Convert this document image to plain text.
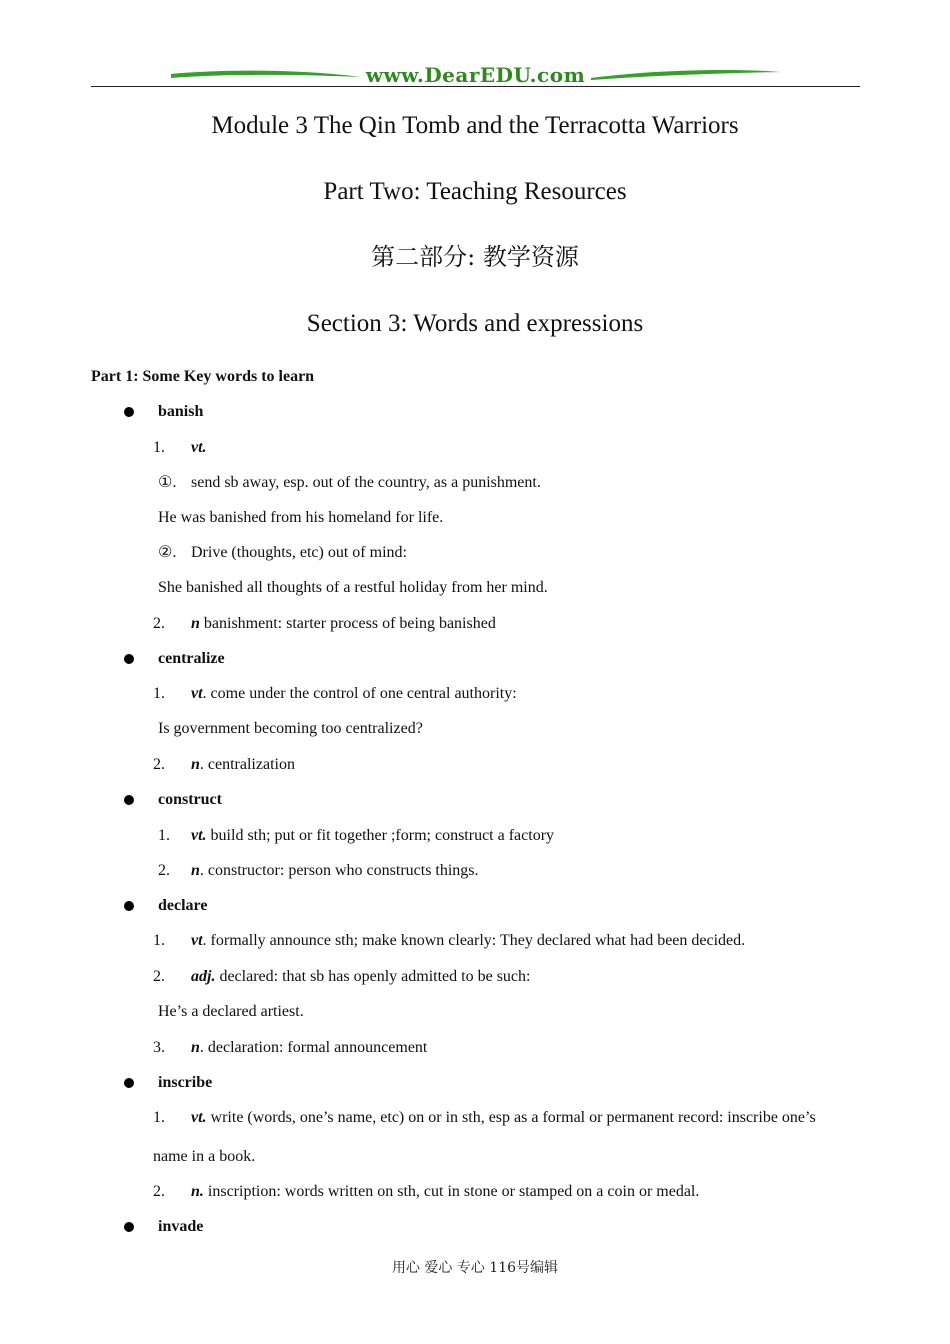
www.DearEDU.com
Module 3 The Qin Tomb and the Terracotta Warriors
Part Two: Teaching Resources
第二部分: 教学资源
Section 3: Words and expressions
Part 1: Some Key words to learn
banish
1. vt.
①. send sb away, esp. out of the country, as a punishment.
He was banished from his homeland for life.
②. Drive (thoughts, etc) out of mind:
She banished all thoughts of a restful holiday from her mind.
2. n banishment: starter process of being banished
centralize
1. vt. come under the control of one central authority:
Is government becoming too centralized?
2. n. centralization
construct
1. vt. build sth; put or fit together ;form; construct a factory
2. n. constructor: person who constructs things.
declare
1. vt. formally announce sth; make known clearly: They declared what had been decided.
2. adj. declared: that sb has openly admitted to be such:
He’s a declared artiest.
3. n. declaration: formal announcement
inscribe
1. vt. write (words, one’s name, etc) on or in sth, esp as a formal or permanent record: inscribe one’s
name in a book.
2. n. inscription: words written on sth, cut in stone or stamped on a coin or medal.
invade
用心 爱心 专心 116号编辑
